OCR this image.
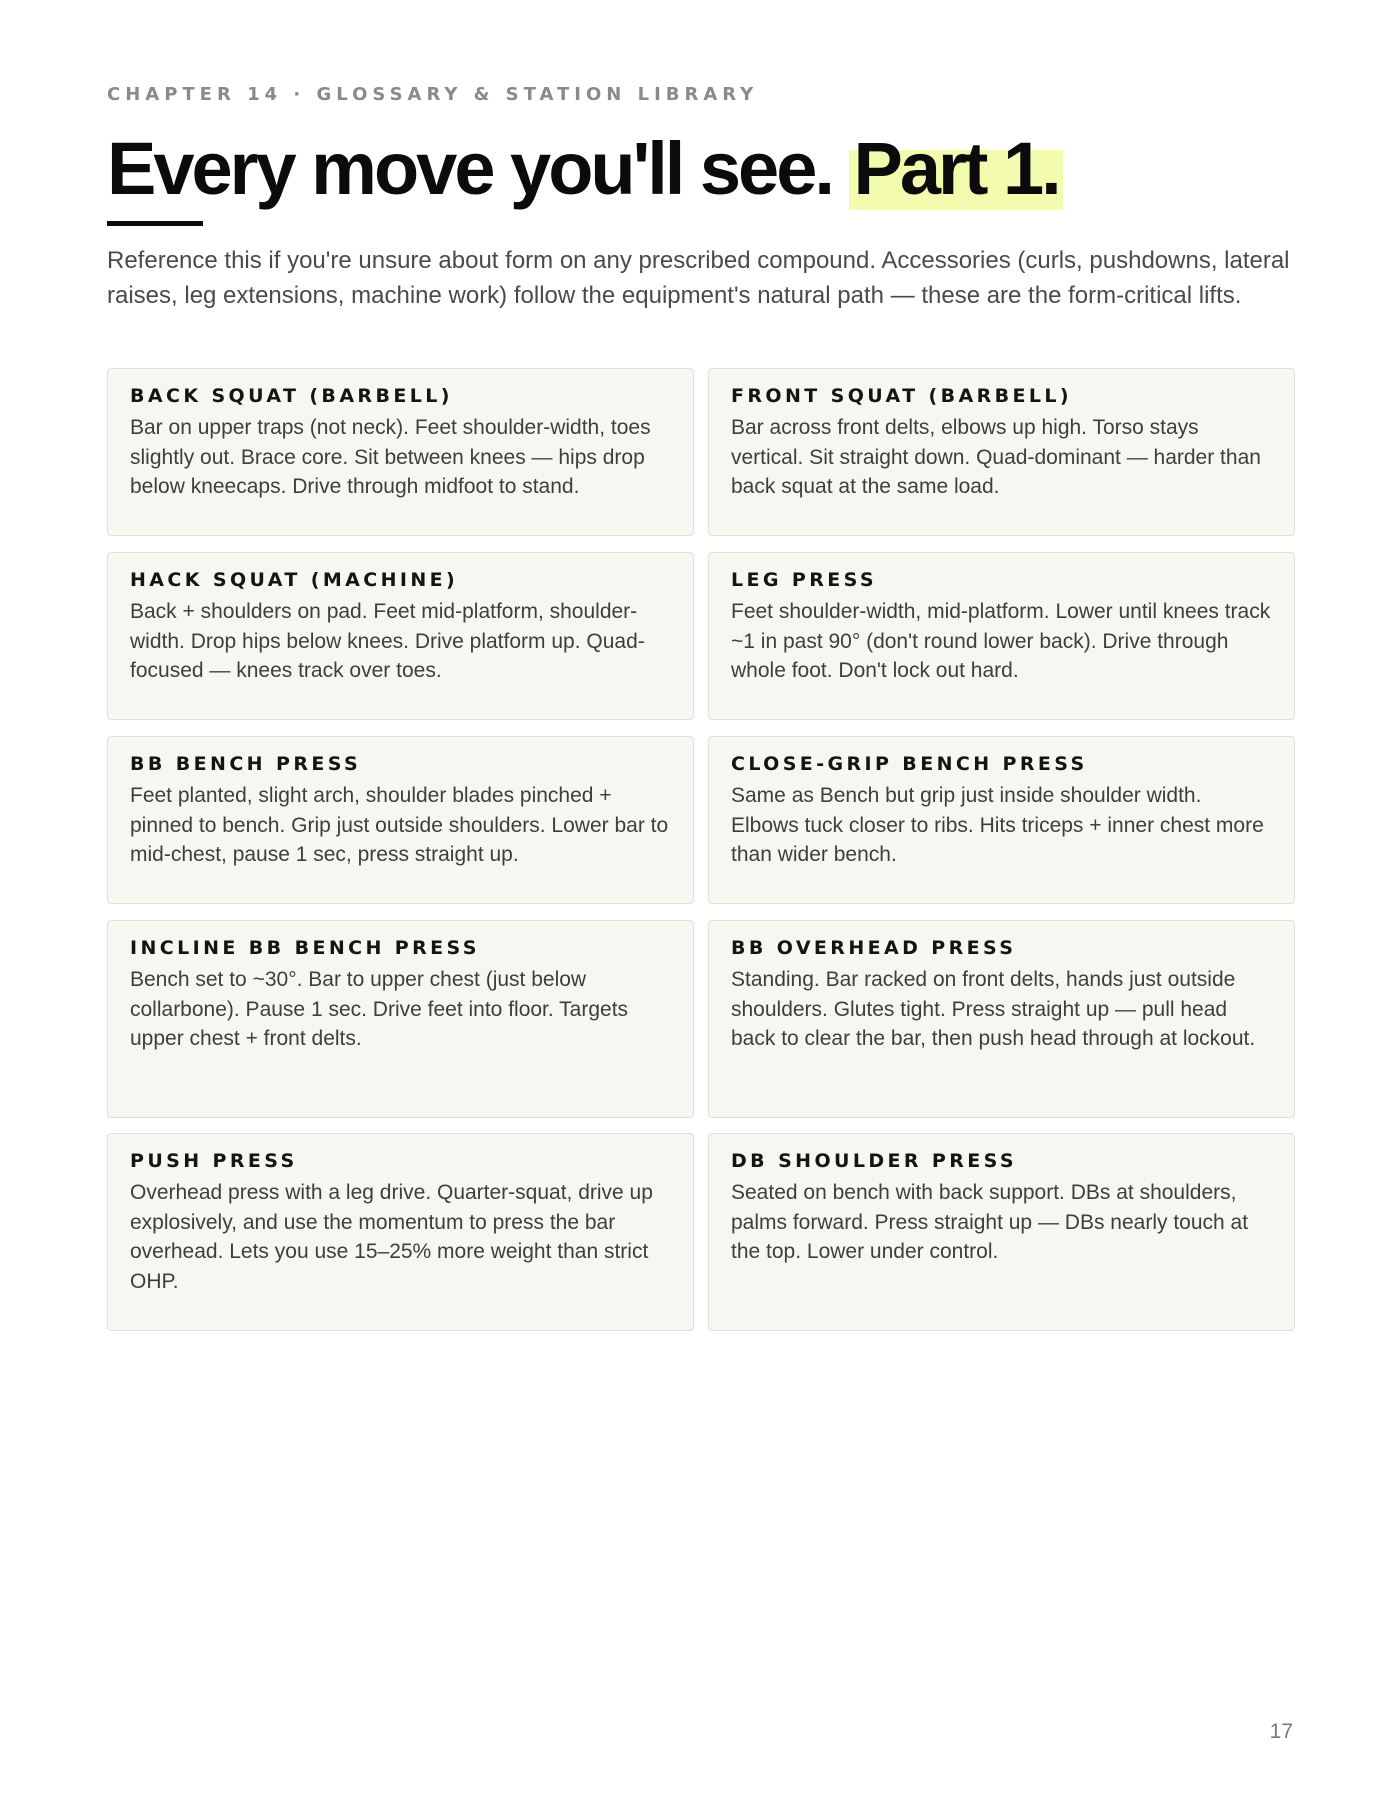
CHAPTER 14 · GLOSSARY & STATION LIBRARY
Every move you'll see. Part 1.

Reference this if you're unsure about form on any prescribed compound. Accessories (curls, pushdowns, lateral raises, leg extensions, machine work) follow the equipment's natural path — these are the form-critical lifts.

BACK SQUAT (BARBELL)

Bar on upper traps (not neck). Feet shoulder-width, toes slightly out. Brace core. Sit between knees — hips drop below kneecaps. Drive through midfoot to stand.

FRONT SQUAT (BARBELL)

Bar across front delts, elbows up high. Torso stays vertical. Sit straight down. Quad-dominant — harder than back squat at the same load.

HACK SQUAT (MACHINE)

Back + shoulders on pad. Feet mid-platform, shoulder-width. Drop hips below knees. Drive platform up. Quad-focused — knees track over toes.

LEG PRESS

Feet shoulder-width, mid-platform. Lower until knees track ~1 in past 90° (don't round lower back). Drive through whole foot. Don't lock out hard.

BB BENCH PRESS

Feet planted, slight arch, shoulder blades pinched + pinned to bench. Grip just outside shoulders. Lower bar to mid-chest, pause 1 sec, press straight up.

CLOSE-GRIP BENCH PRESS

Same as Bench but grip just inside shoulder width. Elbows tuck closer to ribs. Hits triceps + inner chest more than wider bench.

INCLINE BB BENCH PRESS

Bench set to ~30°. Bar to upper chest (just below collarbone). Pause 1 sec. Drive feet into floor. Targets upper chest + front delts.

BB OVERHEAD PRESS

Standing. Bar racked on front delts, hands just outside shoulders. Glutes tight. Press straight up — pull head back to clear the bar, then push head through at lockout.

PUSH PRESS

Overhead press with a leg drive. Quarter-squat, drive up explosively, and use the momentum to press the bar overhead. Lets you use 15–25% more weight than strict OHP.

DB SHOULDER PRESS

Seated on bench with back support. DBs at shoulders, palms forward. Press straight up — DBs nearly touch at the top. Lower under control.

17
